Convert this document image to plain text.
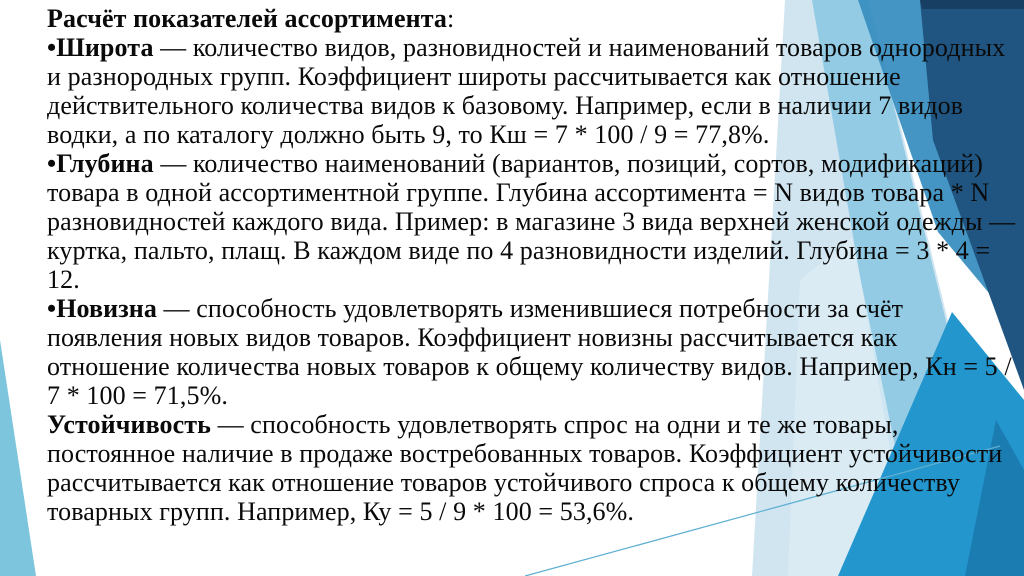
Расчёт показателей ассортимента:

•Широта — количество видов, разновидностей и наименований товаров однородных и разнородных групп. Коэффициент широты рассчитывается как отношение действительного количества видов к базовому. Например, если в наличии 7 видов водки, а по каталогу должно быть 9, то Кш = 7 * 100 / 9 = 77,8%.

•Глубина — количество наименований (вариантов, позиций, сортов, модификаций) товара в одной ассортиментной группе. Глубина ассортимента = N видов товара * N разновидностей каждого вида. Пример: в магазине 3 вида верхней женской одежды — куртка, пальто, плащ. В каждом виде по 4 разновидности изделий. Глубина = 3 * 4 = 12.

•Новизна — способность удовлетворять изменившиеся потребности за счёт появления новых видов товаров. Коэффициент новизны рассчитывается как отношение количества новых товаров к общему количеству видов. Например, Кн = 5 / 7 * 100 = 71,5%.

Устойчивость — способность удовлетворять спрос на одни и те же товары, постоянное наличие в продаже востребованных товаров. Коэффициент устойчивости рассчитывается как отношение товаров устойчивого спроса к общему количеству товарных групп. Например, Ку = 5 / 9 * 100 = 53,6%.
